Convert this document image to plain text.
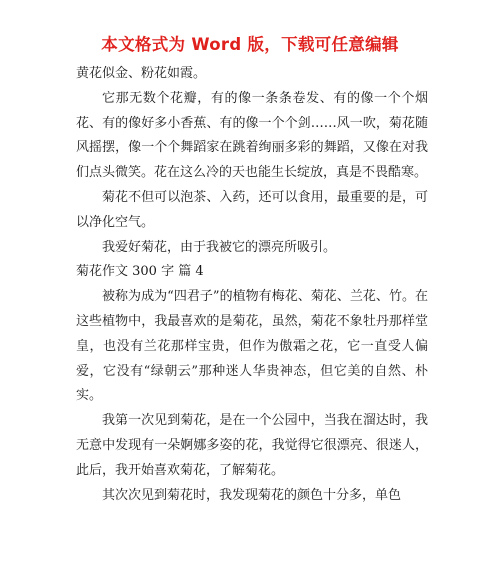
本文格式为 Word 版，下载可任意编辑

黄花似金、粉花如霞。

它那无数个花瓣，有的像一条条卷发、有的像一个个烟花、有的像好多小香蕉、有的像一个个剑……风一吹，菊花随风摇摆，像一个个舞蹈家在跳着绚丽多彩的舞蹈，又像在对我们点头微笑。花在这么冷的天也能生长绽放，真是不畏酷寒。

菊花不但可以泡茶、入药，还可以食用，最重要的是，可以净化空气。

我爱好菊花，由于我被它的漂亮所吸引。

菊花作文 300 字 篇 4

被称为成为“四君子”的植物有梅花、菊花、兰花、竹。在这些植物中，我最喜欢的是菊花，虽然，菊花不象牡丹那样堂皇，也没有兰花那样宝贵，但作为傲霜之花，它一直受人偏爱，它没有“绿朝云”那种迷人华贵神态，但它美的自然、朴实。

我第一次见到菊花，是在一个公园中，当我在溜达时，我无意中发现有一朵婀娜多姿的花，我觉得它很漂亮、很迷人，此后，我开始喜欢菊花，了解菊花。

其次次见到菊花时，我发现菊花的颜色十分多，单色
